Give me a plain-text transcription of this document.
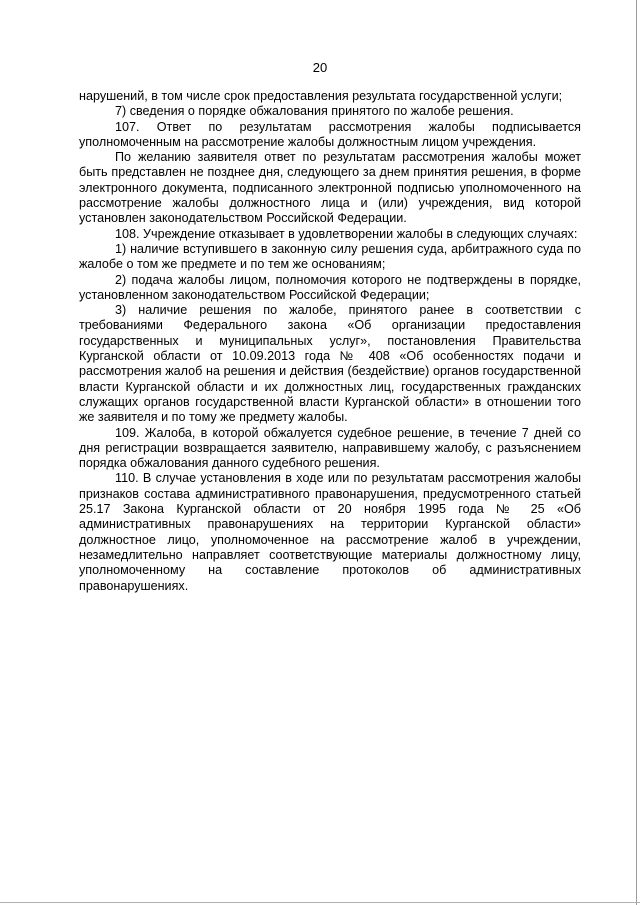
20

нарушений, в том числе срок предоставления результата государственной услуги;

7) сведения о порядке обжалования принятого по жалобе решения.

107. Ответ по результатам рассмотрения жалобы подписывается уполномоченным на рассмотрение жалобы должностным лицом учреждения.

По желанию заявителя ответ по результатам рассмотрения жалобы может быть представлен не позднее дня, следующего за днем принятия решения, в форме электронного документа, подписанного электронной подписью уполномоченного на рассмотрение жалобы должностного лица и (или) учреждения, вид которой установлен законодательством Российской Федерации.

108. Учреждение отказывает в удовлетворении жалобы в следующих случаях:

1) наличие вступившего в законную силу решения суда, арбитражного суда по жалобе о том же предмете и по тем же основаниям;

2) подача жалобы лицом, полномочия которого не подтверждены в порядке, установленном законодательством Российской Федерации;

3) наличие решения по жалобе, принятого ранее в соответствии с требованиями Федерального закона «Об организации предоставления государственных и муниципальных услуг», постановления Правительства Курганской области от 10.09.2013 года № 408 «Об особенностях подачи и рассмотрения жалоб на решения и действия (бездействие) органов государственной власти Курганской области и их должностных лиц, государственных гражданских служащих органов государственной власти Курганской области» в отношении того же заявителя и по тому же предмету жалобы.

109. Жалоба, в которой обжалуется судебное решение, в течение 7 дней со дня регистрации возвращается заявителю, направившему жалобу, с разъяснением порядка обжалования данного судебного решения.

110. В случае установления в ходе или по результатам рассмотрения жалобы признаков состава административного правонарушения, предусмотренного статьей 25.17 Закона Курганской области от 20 ноября 1995 года № 25 «Об административных правонарушениях на территории Курганской области» должностное лицо, уполномоченное на рассмотрение жалоб в учреждении, незамедлительно направляет соответствующие материалы должностному лицу, уполномоченному на составление протоколов об административных правонарушениях.
